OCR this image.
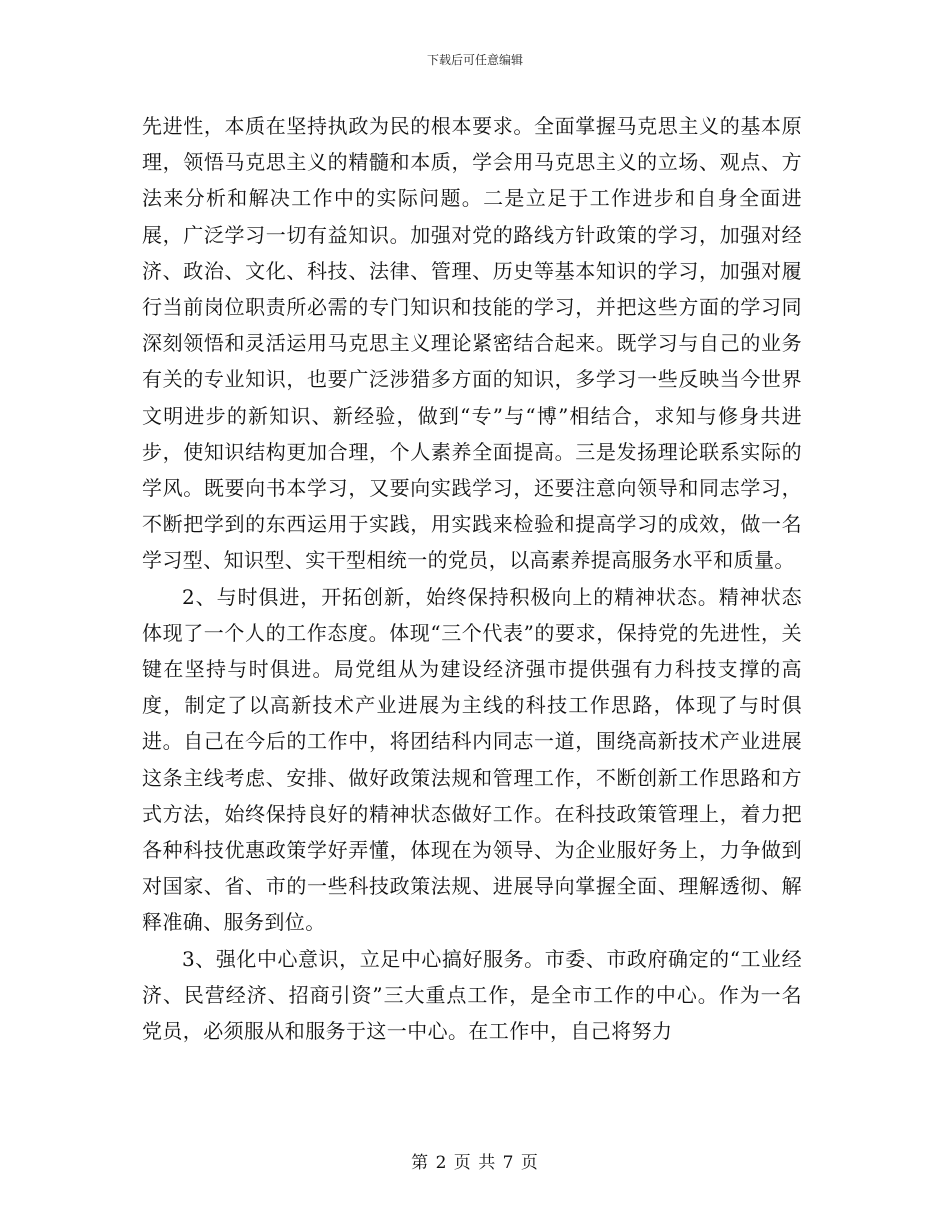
下载后可任意编辑

先进性，本质在坚持执政为民的根本要求。全面掌握马克思主义的基本原理，领悟马克思主义的精髓和本质，学会用马克思主义的立场、观点、方法来分析和解决工作中的实际问题。二是立足于工作进步和自身全面进展，广泛学习一切有益知识。加强对党的路线方针政策的学习，加强对经济、政治、文化、科技、法律、管理、历史等基本知识的学习，加强对履行当前岗位职责所必需的专门知识和技能的学习，并把这些方面的学习同深刻领悟和灵活运用马克思主义理论紧密结合起来。既学习与自己的业务有关的专业知识，也要广泛涉猎多方面的知识，多学习一些反映当今世界文明进步的新知识、新经验，做到“专”与“博”相结合，求知与修身共进步，使知识结构更加合理，个人素养全面提高。三是发扬理论联系实际的学风。既要向书本学习，又要向实践学习，还要注意向领导和同志学习，不断把学到的东西运用于实践，用实践来检验和提高学习的成效，做一名学习型、知识型、实干型相统一的党员，以高素养提高服务水平和质量。

2、与时俱进，开拓创新，始终保持积极向上的精神状态。精神状态体现了一个人的工作态度。体现“三个代表”的要求，保持党的先进性，关键在坚持与时俱进。局党组从为建设经济强市提供强有力科技支撑的高度，制定了以高新技术产业进展为主线的科技工作思路，体现了与时俱进。自己在今后的工作中，将团结科内同志一道，围绕高新技术产业进展这条主线考虑、安排、做好政策法规和管理工作，不断创新工作思路和方式方法，始终保持良好的精神状态做好工作。在科技政策管理上，着力把各种科技优惠政策学好弄懂，体现在为领导、为企业服好务上，力争做到对国家、省、市的一些科技政策法规、进展导向掌握全面、理解透彻、解释准确、服务到位。

3、强化中心意识，立足中心搞好服务。市委、市政府确定的“工业经济、民营经济、招商引资”三大重点工作，是全市工作的中心。作为一名党员，必须服从和服务于这一中心。在工作中，自己将努力

第 2 页 共 7 页
